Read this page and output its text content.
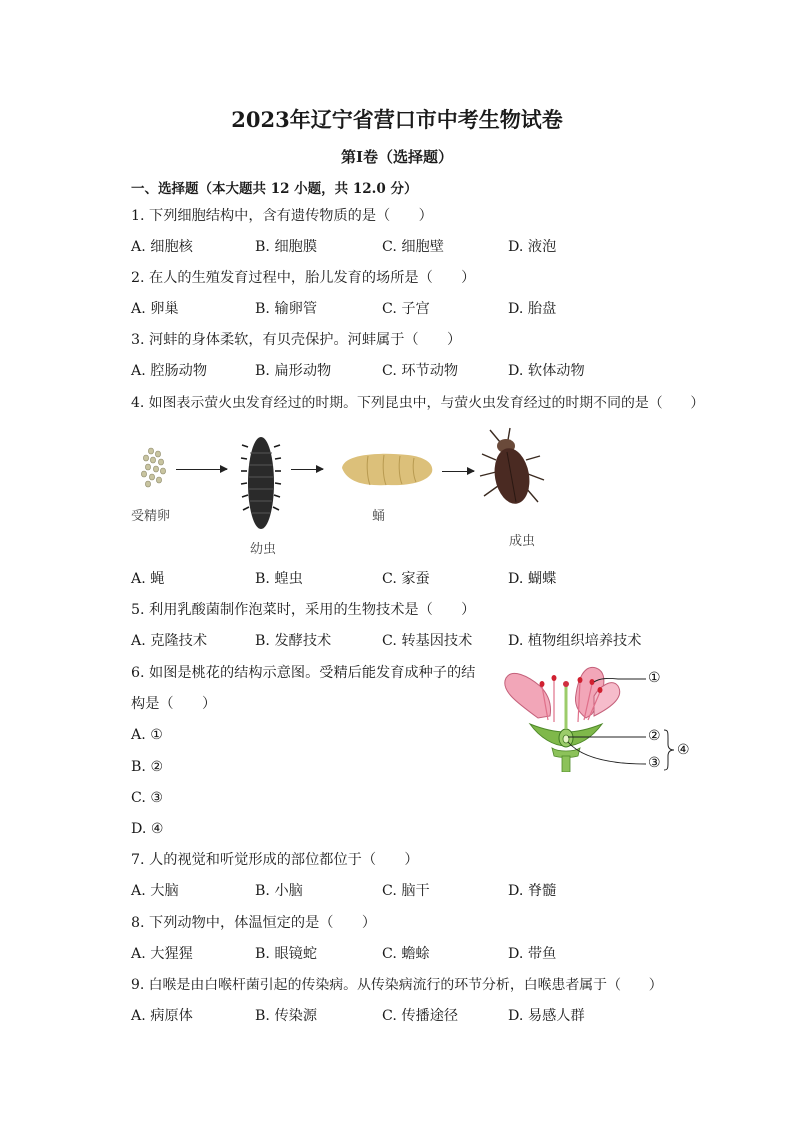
2023年辽宁省营口市中考生物试卷
第I卷（选择题）
一、选择题（本大题共 12 小题，共 12.0 分）
1. 下列细胞结构中，含有遗传物质的是（　　）
A. 细胞核	B. 细胞膜	C. 细胞壁	D. 液泡
2. 在人的生殖发育过程中，胎儿发育的场所是（　　）
A. 卵巢	B. 输卵管	C. 子宫	D. 胎盘
3. 河蚌的身体柔软，有贝壳保护。河蚌属于（　　）
A. 腔肠动物	B. 扁形动物	C. 环节动物	D. 软体动物
4. 如图表示萤火虫发育经过的时期。下列昆虫中，与萤火虫发育经过的时期不同的是（　　）
受精卵
幼虫
蛹
成虫
A. 蝇	B. 蝗虫	C. 家蚕	D. 蝴蝶
5. 利用乳酸菌制作泡菜时，采用的生物技术是（　　）
A. 克隆技术	B. 发酵技术	C. 转基因技术	D. 植物组织培养技术
6. 如图是桃花的结构示意图。受精后能发育成种子的结
构是（　　）
A. ①
B. ②
C. ③
D. ④
①
②
③
④
7. 人的视觉和听觉形成的部位都位于（　　）
A. 大脑	B. 小脑	C. 脑干	D. 脊髓
8. 下列动物中，体温恒定的是（　　）
A. 大猩猩	B. 眼镜蛇	C. 蟾蜍	D. 带鱼
9. 白喉是由白喉杆菌引起的传染病。从传染病流行的环节分析，白喉患者属于（　　）
A. 病原体	B. 传染源	C. 传播途径	D. 易感人群
